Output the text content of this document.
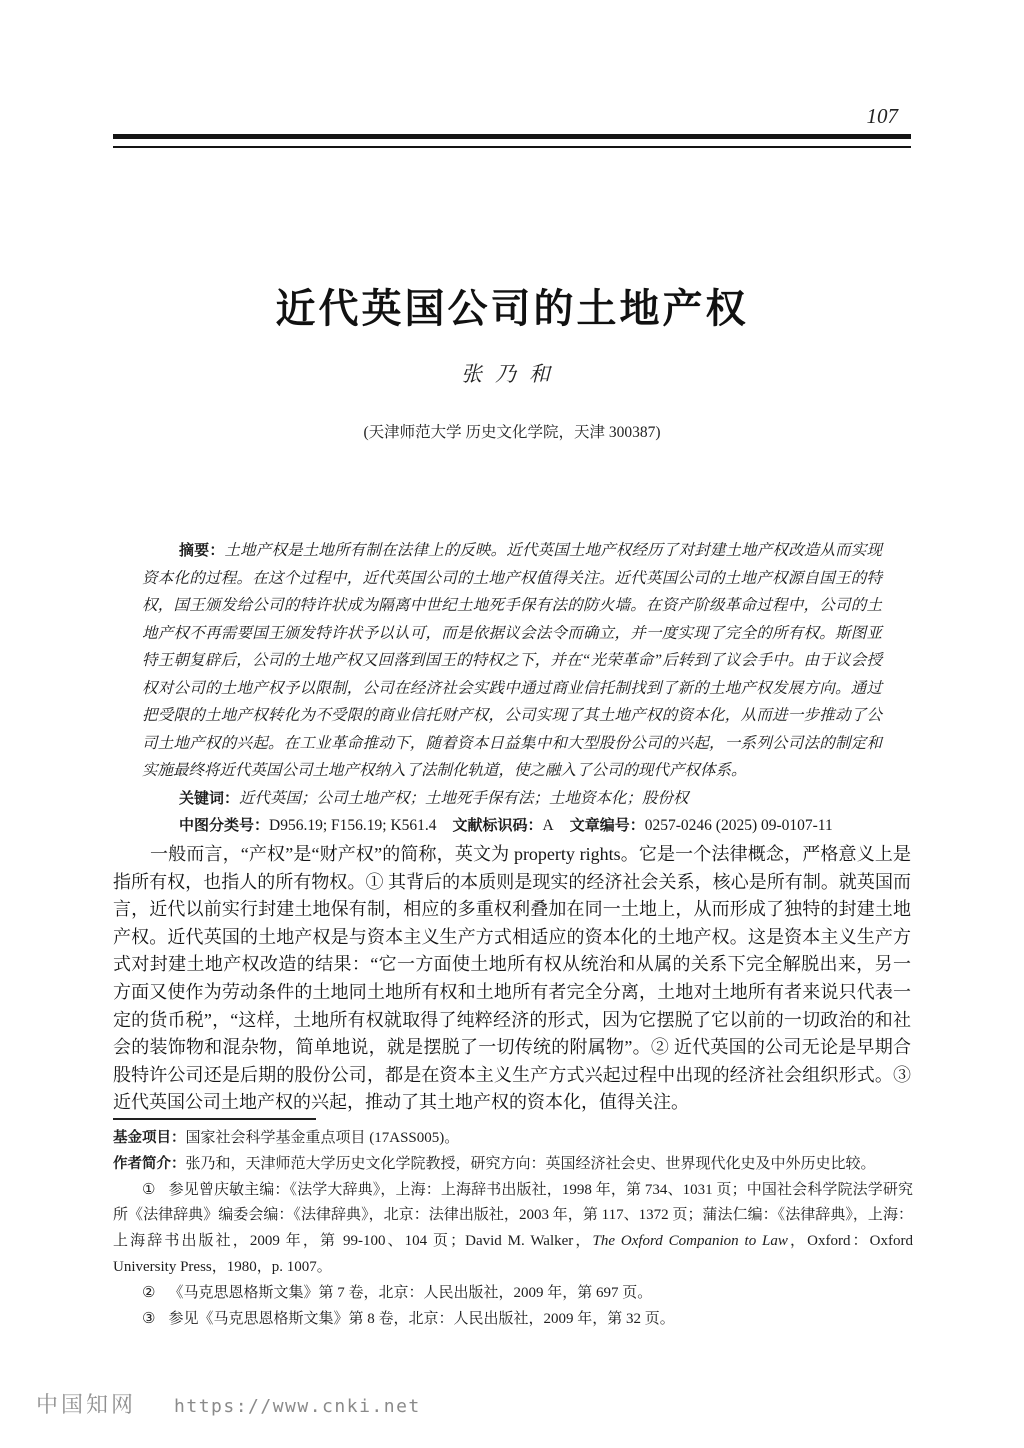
107
近代英国公司的土地产权
张乃和
(天津师范大学 历史文化学院，天津 300387)

摘要：土地产权是土地所有制在法律上的反映。近代英国土地产权经历了对封建土地产权改造从而实现资本化的过程。在这个过程中，近代英国公司的土地产权值得关注。近代英国公司的土地产权源自国王的特权，国王颁发给公司的特许状成为隔离中世纪土地死手保有法的防火墙。在资产阶级革命过程中，公司的土地产权不再需要国王颁发特许状予以认可，而是依据议会法令而确立，并一度实现了完全的所有权。斯图亚特王朝复辟后，公司的土地产权又回落到国王的特权之下，并在“光荣革命”后转到了议会手中。由于议会授权对公司的土地产权予以限制，公司在经济社会实践中通过商业信托制找到了新的土地产权发展方向。通过把受限的土地产权转化为不受限的商业信托财产权，公司实现了其土地产权的资本化，从而进一步推动了公司土地产权的兴起。在工业革命推动下，随着资本日益集中和大型股份公司的兴起，一系列公司法的制定和实施最终将近代英国公司土地产权纳入了法制化轨道，使之融入了公司的现代产权体系。

关键词：近代英国；公司土地产权；土地死手保有法；土地资本化；股份权

中图分类号：D956.19; F156.19; K561.4 文献标识码：A 文章编号：0257-0246 (2025) 09-0107-11

一般而言，“产权”是“财产权”的简称，英文为 property rights。它是一个法律概念，严格意义上是指所有权，也指人的所有物权。① 其背后的本质则是现实的经济社会关系，核心是所有制。就英国而言，近代以前实行封建土地保有制，相应的多重权利叠加在同一土地上，从而形成了独特的封建土地产权。近代英国的土地产权是与资本主义生产方式相适应的资本化的土地产权。这是资本主义生产方式对封建土地产权改造的结果：“它一方面使土地所有权从统治和从属的关系下完全解脱出来，另一方面又使作为劳动条件的土地同土地所有权和土地所有者完全分离，土地对土地所有者来说只代表一定的货币税”，“这样，土地所有权就取得了纯粹经济的形式，因为它摆脱了它以前的一切政治的和社会的装饰物和混杂物，简单地说，就是摆脱了一切传统的附属物”。② 近代英国的公司无论是早期合股特许公司还是后期的股份公司，都是在资本主义生产方式兴起过程中出现的经济社会组织形式。③ 近代英国公司土地产权的兴起，推动了其土地产权的资本化，值得关注。

基金项目：国家社会科学基金重点项目 (17ASS005)。

作者简介：张乃和，天津师范大学历史文化学院教授，研究方向：英国经济社会史、世界现代化史及中外历史比较。

① 参见曾庆敏主编：《法学大辞典》，上海：上海辞书出版社，1998 年，第 734、1031 页；中国社会科学院法学研究所《法律辞典》编委会编：《法律辞典》，北京：法律出版社，2003 年，第 117、1372 页；蒲法仁编：《法律辞典》，上海：上海辞书出版社，2009 年，第 99-100、104 页；David M. Walker，The Oxford Companion to Law，Oxford：Oxford University Press，1980，p. 1007。

② 《马克思恩格斯文集》第 7 卷，北京：人民出版社，2009 年，第 697 页。

③ 参见《马克思恩格斯文集》第 8 卷，北京：人民出版社，2009 年，第 32 页。

中国知网 https://www.cnki.net
